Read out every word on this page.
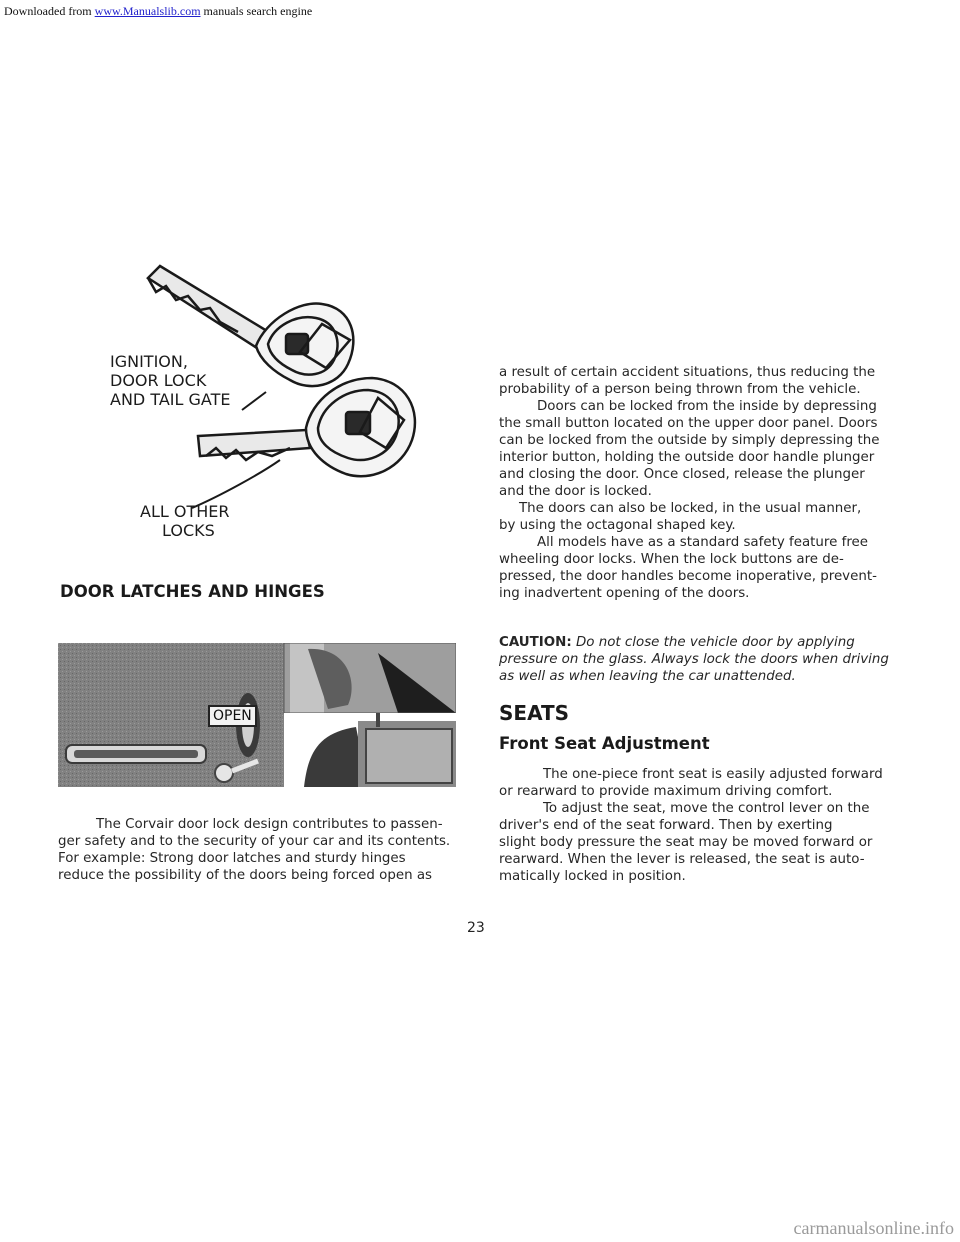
Downloaded from www.Manualslib.com manuals search engine
IGNITION,
DOOR LOCK
AND TAIL GATE
ALL OTHER
LOCKS
DOOR LATCHES AND HINGES
OPEN

The Corvair door lock design contributes to passen-

ger safety and to the security of your car and its contents.

For example: Strong door latches and sturdy hinges

reduce the possibility of the doors being forced open as

a result of certain accident situations, thus reducing the

probability of a person being thrown from the vehicle.

Doors can be locked from the inside by depressing

the small button located on the upper door panel. Doors

can be locked from the outside by simply depressing the

interior button, holding the outside door handle plunger

and closing the door. Once closed, release the plunger

and the door is locked.

The doors can also be locked, in the usual manner,

by using the octagonal shaped key.

All models have as a standard safety feature free

wheeling door locks. When the lock buttons are de-

pressed, the door handles become inoperative, prevent-

ing inadvertent opening of the doors.

CAUTION: Do not close the vehicle door by applying

pressure on the glass. Always lock the doors when driving

as well as when leaving the car unattended.

SEATS
Front Seat Adjustment

The one-piece front seat is easily adjusted forward

or rearward to provide maximum driving comfort.

To adjust the seat, move the control lever on the

driver's end of the seat forward. Then by exerting

slight body pressure the seat may be moved forward or

rearward. When the lever is released, the seat is auto-

matically locked in position.

23
carmanualsonline.info
